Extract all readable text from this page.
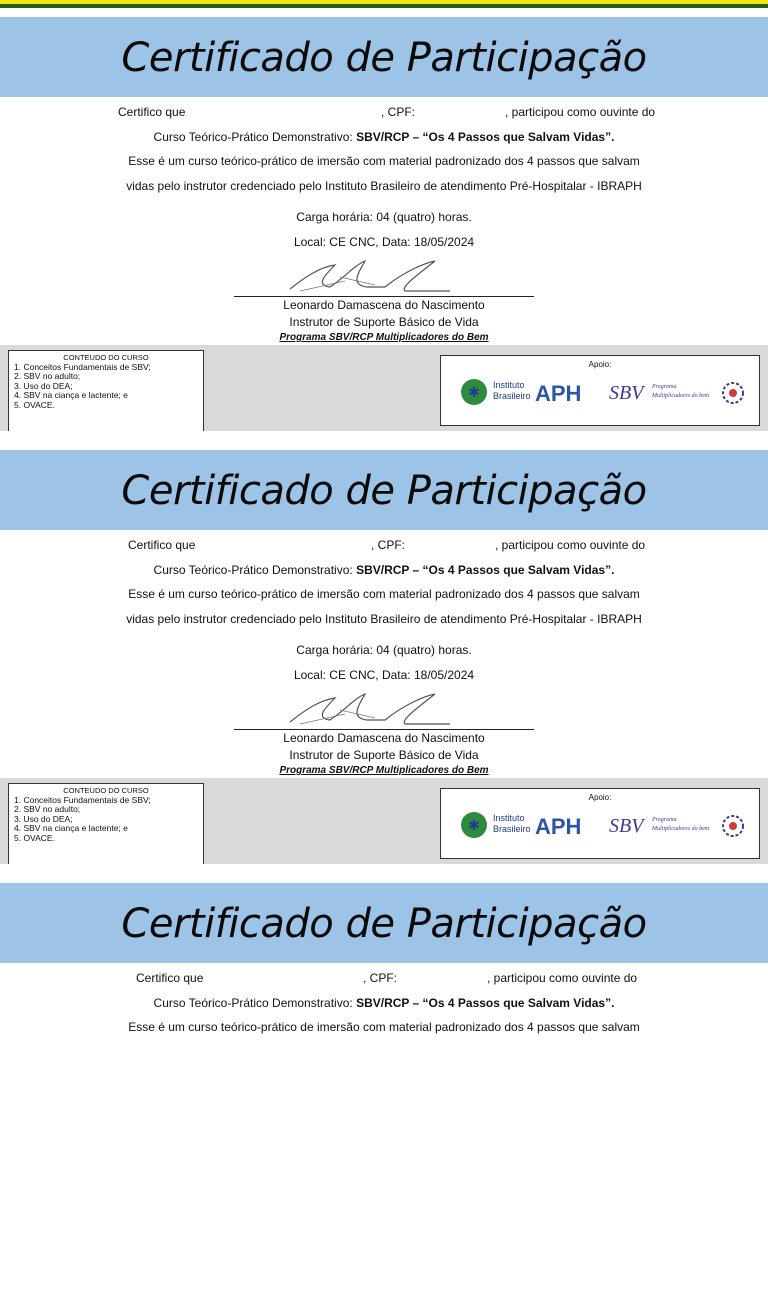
Certificado de Participação
Certifico que	, CPF:	, participou como ouvinte do
Curso Teórico-Prático Demonstrativo: SBV/RCP – “Os 4 Passos que Salvam Vidas”.
Esse é um curso teórico-prático de imersão com material padronizado dos 4 passos que salvam
vidas pelo instrutor credenciado pelo Instituto Brasileiro de atendimento Pré-Hospitalar - IBRAPH
Carga horária: 04 (quatro) horas.
Local: CE CNC, Data: 18/05/2024
Leonardo Damascena do Nascimento
Instrutor de Suporte Básico de Vida
Programa SBV/RCP Multiplicadores do Bem
CONTEUDO DO CURSO
1. Conceitos Fundamentais de SBV;
2. SBV no adulto;
3. Uso do DEA;
4. SBV na ciança e lactente; e
5. OVACE.
Apoio:
✱ Instituto
Brasileiro APH SBV	Programa
Multiplicadores do bem
Certificado de Participação
Certifico que	, CPF:	, participou como ouvinte do
Curso Teórico-Prático Demonstrativo: SBV/RCP – “Os 4 Passos que Salvam Vidas”.
Esse é um curso teórico-prático de imersão com material padronizado dos 4 passos que salvam
vidas pelo instrutor credenciado pelo Instituto Brasileiro de atendimento Pré-Hospitalar - IBRAPH
Carga horária: 04 (quatro) horas.
Local: CE CNC, Data: 18/05/2024
Leonardo Damascena do Nascimento
Instrutor de Suporte Básico de Vida
Programa SBV/RCP Multiplicadores do Bem
CONTEUDO DO CURSO
1. Conceitos Fundamentais de SBV;
2. SBV no adulto;
3. Uso do DEA;
4. SBV na ciança e lactente; e
5. OVACE.
Apoio:
✱ Instituto
Brasileiro APH SBV	Programa
Multiplicadores do bem
Certificado de Participação
Certifico que	, CPF:	, participou como ouvinte do
Curso Teórico-Prático Demonstrativo: SBV/RCP – “Os 4 Passos que Salvam Vidas”.
Esse é um curso teórico-prático de imersão com material padronizado dos 4 passos que salvam
